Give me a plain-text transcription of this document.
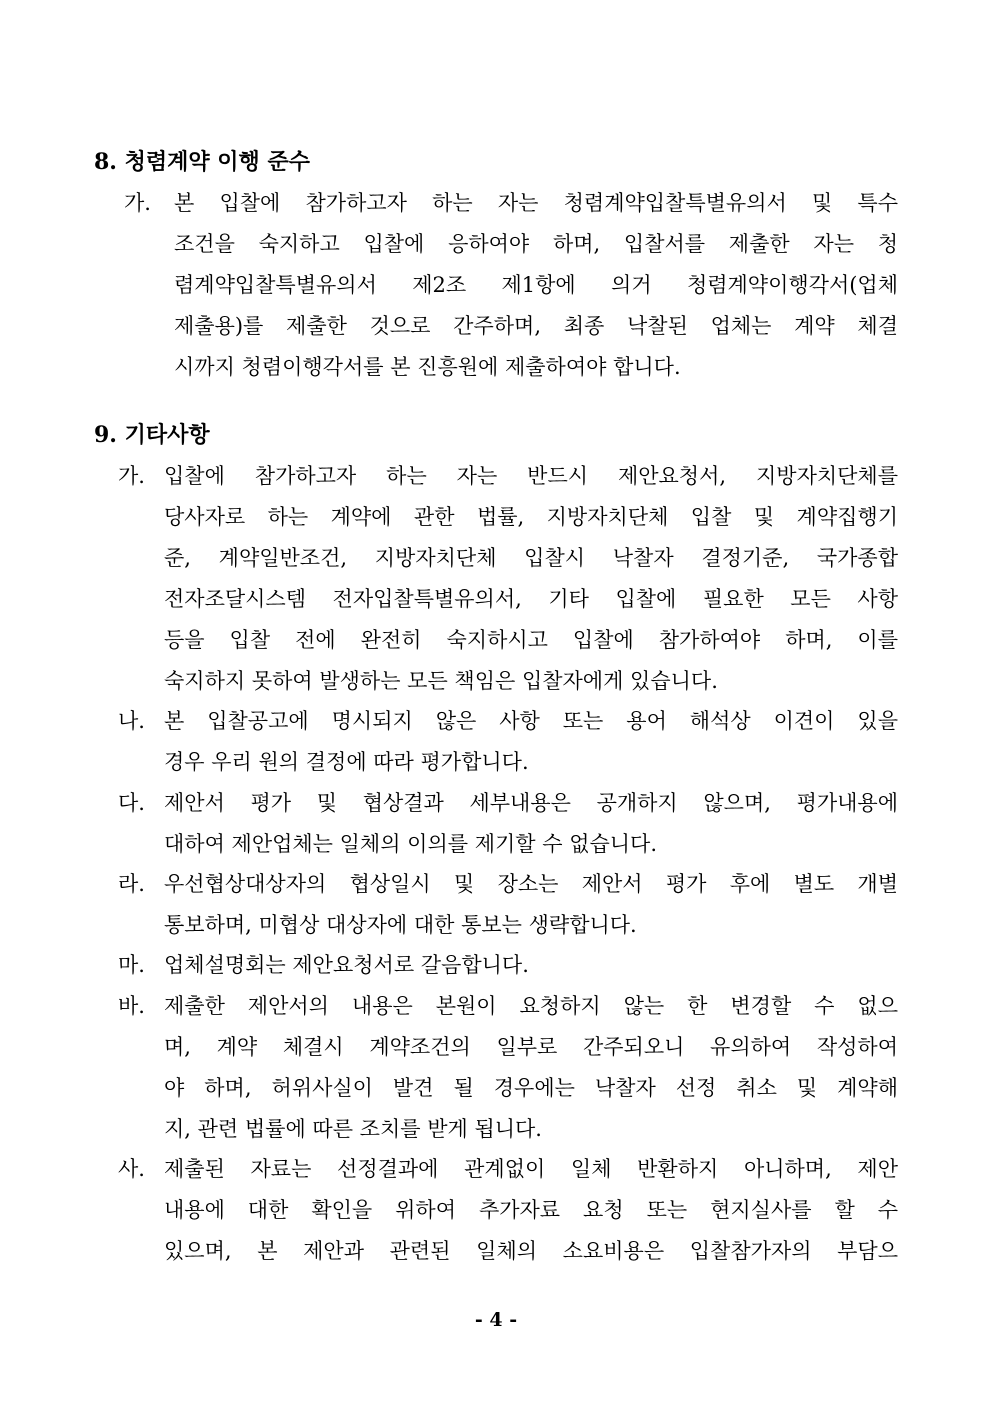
8. 청렴계약 이행 준수
가.	본 입찰에 참가하고자 하는 자는 청렴계약입찰특별유의서 및 특수
조건을 숙지하고 입찰에 응하여야 하며, 입찰서를 제출한 자는 청
렴계약입찰특별유의서 제2조 제1항에 의거 청렴계약이행각서(업체
제출용)를 제출한 것으로 간주하며, 최종 낙찰된 업체는 계약 체결
시까지 청렴이행각서를 본 진흥원에 제출하여야 합니다.
9. 기타사항
가. 입찰에 참가하고자 하는 자는 반드시 제안요청서, 지방자치단체를
당사자로 하는 계약에 관한 법률, 지방자치단체 입찰 및 계약집행기
준, 계약일반조건, 지방자치단체 입찰시 낙찰자 결정기준, 국가종합
전자조달시스템 전자입찰특별유의서, 기타 입찰에 필요한 모든 사항
등을 입찰 전에 완전히 숙지하시고 입찰에 참가하여야 하며, 이를
숙지하지 못하여 발생하는 모든 책임은 입찰자에게 있습니다.
나. 본 입찰공고에 명시되지 않은 사항 또는 용어 해석상 이견이 있을
경우 우리 원의 결정에 따라 평가합니다.
다. 제안서 평가 및 협상결과 세부내용은 공개하지 않으며, 평가내용에
대하여 제안업체는 일체의 이의를 제기할 수 없습니다.
라. 우선협상대상자의 협상일시 및 장소는 제안서 평가 후에 별도 개별
통보하며, 미협상 대상자에 대한 통보는 생략합니다.
마. 업체설명회는 제안요청서로 갈음합니다.
바. 제출한 제안서의 내용은 본원이 요청하지 않는 한 변경할 수 없으
며, 계약 체결시 계약조건의 일부로 간주되오니 유의하여 작성하여
야 하며, 허위사실이 발견 될 경우에는 낙찰자 선정 취소 및 계약해
지, 관련 법률에 따른 조치를 받게 됩니다.
사. 제출된 자료는 선정결과에 관계없이 일체 반환하지 아니하며, 제안
내용에 대한 확인을 위하여 추가자료 요청 또는 현지실사를 할 수
있으며, 본 제안과 관련된 일체의 소요비용은 입찰참가자의 부담으
- 4 -
